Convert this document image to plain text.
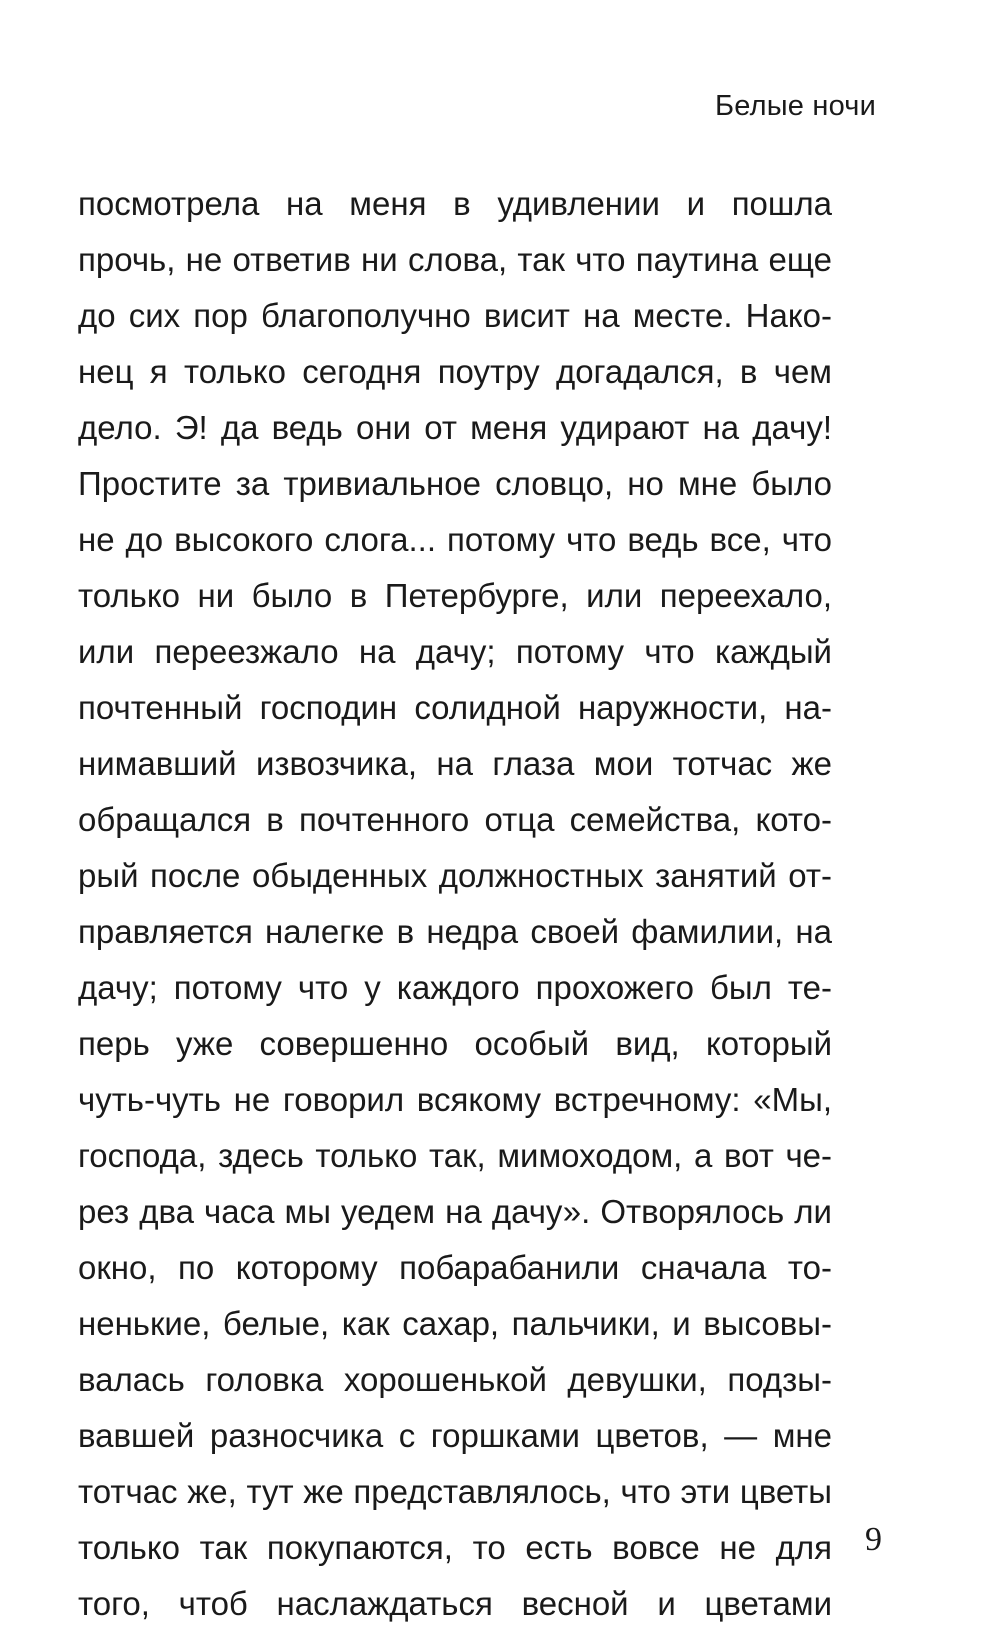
Белые ночи
посмотрела на меня в удивлении и пошла
прочь, не ответив ни слова, так что паутина еще
до сих пор благополучно висит на месте. Нако-
нец я только сегодня поутру догадался, в чем
дело. Э! да ведь они от меня удирают на дачу!
Простите за тривиальное словцо, но мне было
не до высокого слога... потому что ведь все, что
только ни было в Петербурге, или переехало,
или переезжало на дачу; потому что каждый
почтенный господин солидной наружности, на-
нимавший извозчика, на глаза мои тотчас же
обращался в почтенного отца семейства, кото-
рый после обыденных должностных занятий от-
правляется налегке в недра своей фамилии, на
дачу; потому что у каждого прохожего был те-
перь уже совершенно особый вид, который
чуть-чуть не говорил всякому встречному: «Мы,
господа, здесь только так, мимоходом, а вот че-
рез два часа мы уедем на дачу». Отворялось ли
окно, по которому побарабанили сначала то-
ненькие, белые, как сахар, пальчики, и высовы-
валась головка хорошенькой девушки, подзы-
вавшей разносчика с горшками цветов, — мне
тотчас же, тут же представлялось, что эти цветы
только так покупаются, то есть вовсе не для
того, чтоб наслаждаться весной и цветами
9
